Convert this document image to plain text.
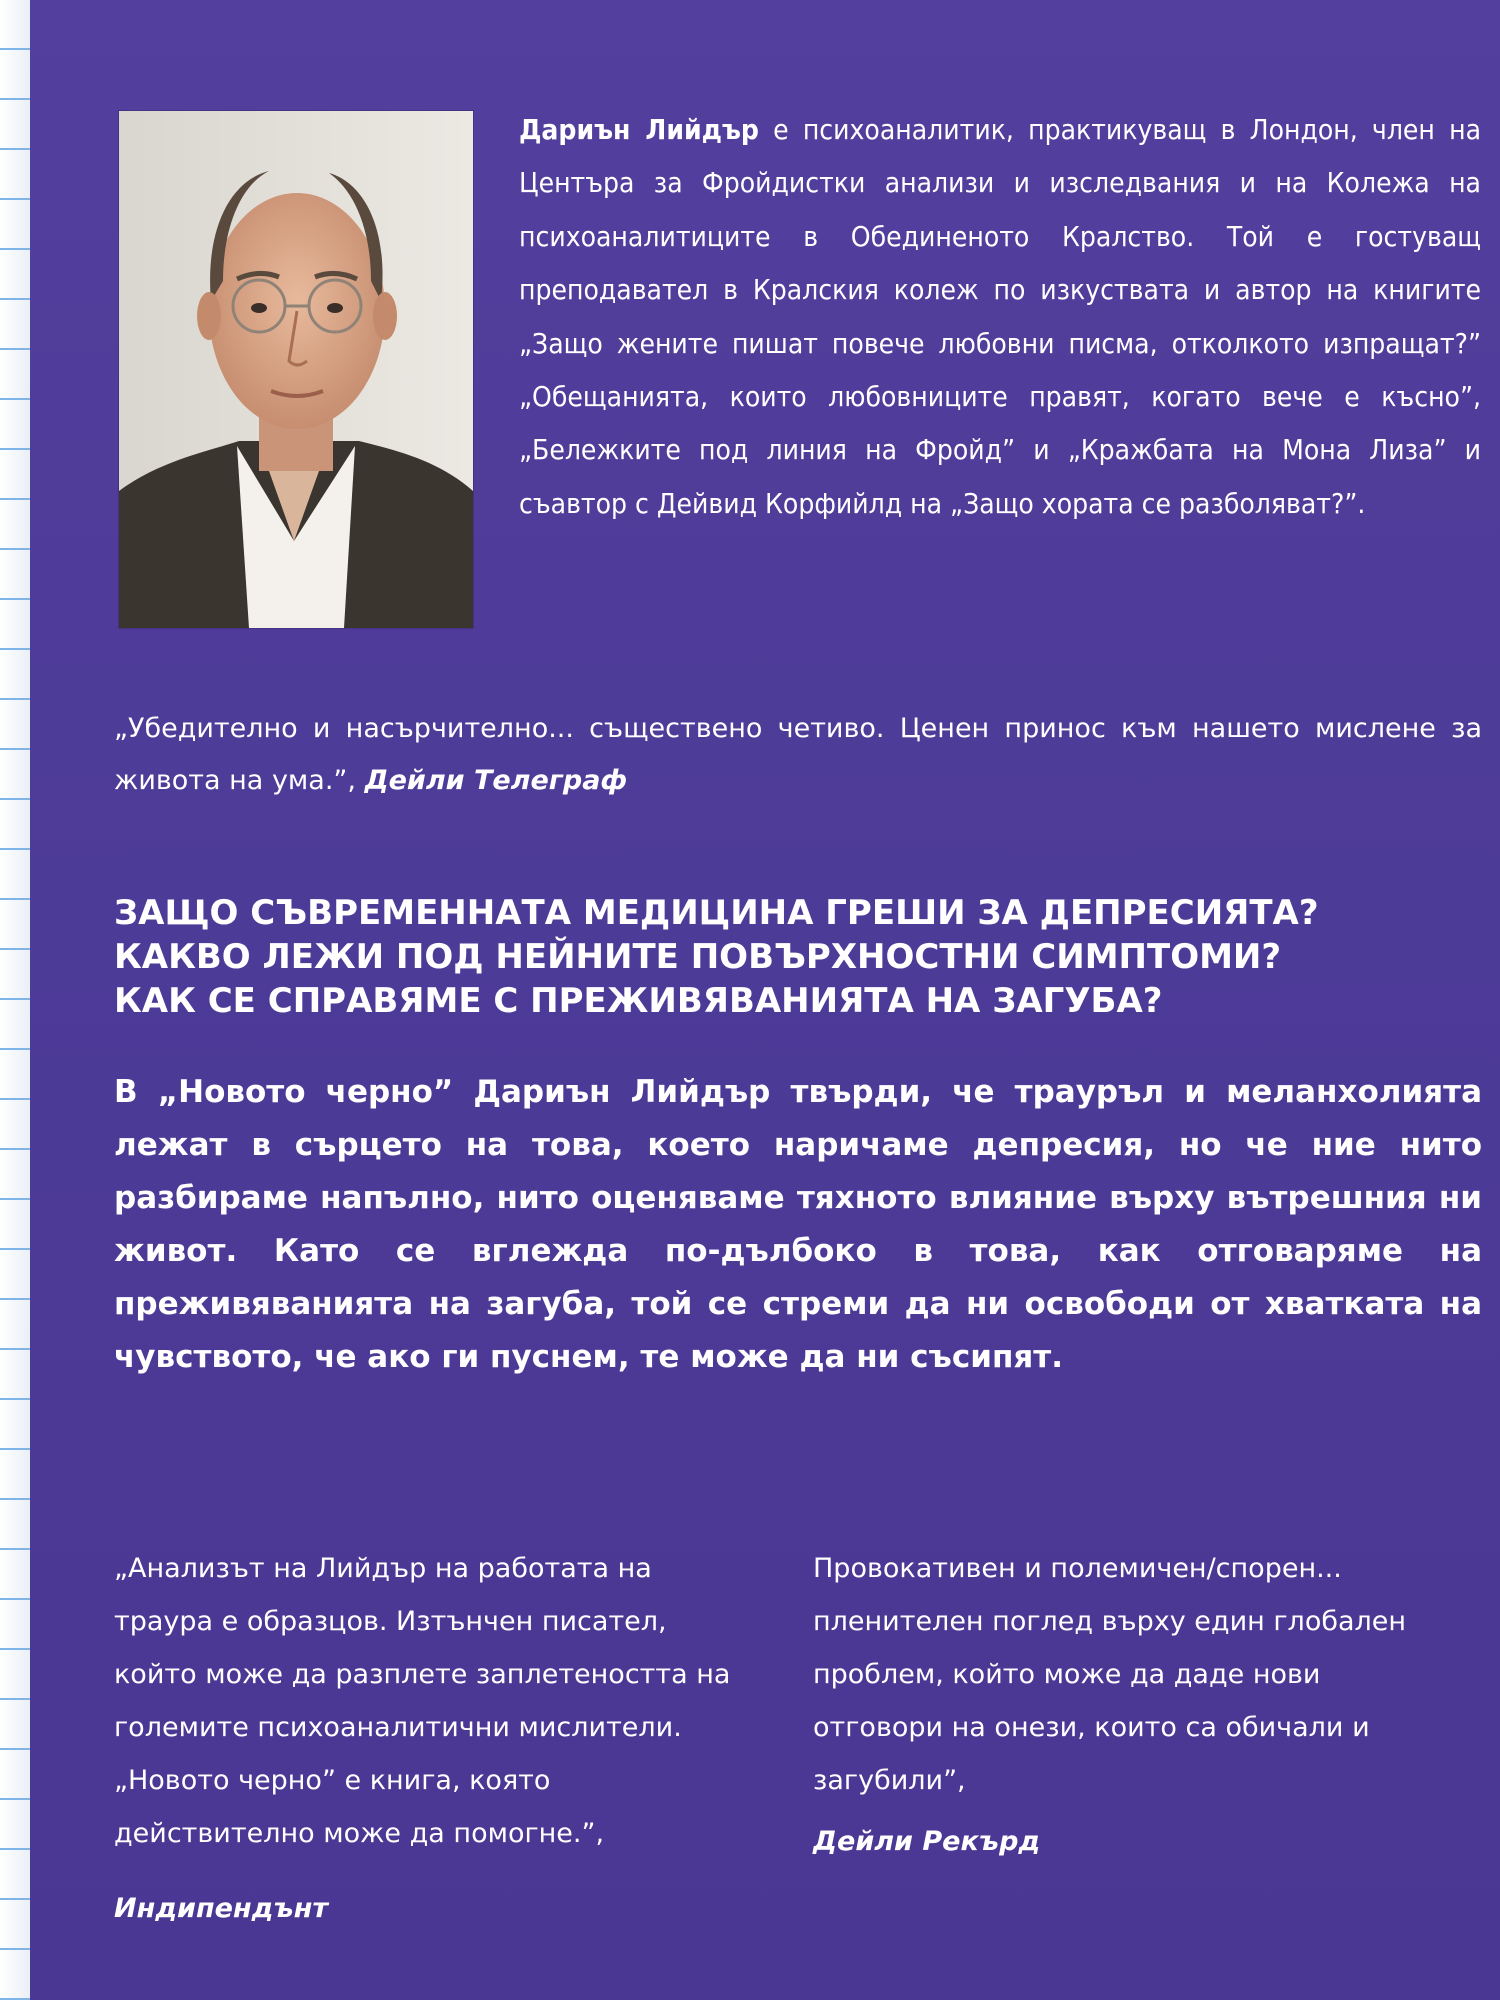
Дариън Лийдър е психоаналитик, практикуващ в Лондон, член на Центъра за Фройдистки анализи и изследвания и на Колежа на психоаналитиците в Обединеното Кралство. Той е гостуващ преподавател в Кралския колеж по изкуствата и автор на книгите „Защо жените пишат повече любовни писма, отколкото изпращат?” „Обещанията, които любовниците правят, когато вече е късно”, „Бележките под линия на Фройд” и „Кражбата на Мона Лиза” и съавтор с Дейвид Корфийлд на „Защо хората се разболяват?”.
„Убедително и насърчително... съществено четиво. Ценен принос към нашето мислене за живота на ума.”, Дейли Телеграф
ЗАЩО СЪВРЕМЕННАТА МЕДИЦИНА ГРЕШИ ЗА ДЕПРЕСИЯТА?
КАКВО ЛЕЖИ ПОД НЕЙНИТЕ ПОВЪРХНОСТНИ СИМПТОМИ?
КАК СЕ СПРАВЯМЕ С ПРЕЖИВЯВАНИЯТА НА ЗАГУБА?
В „Новото черно” Дариън Лийдър твърди, че трауръл и меланхолията лежат в сърцето на това, което наричаме депресия, но че ние нито разбираме напълно, нито оценяваме тяхното влияние върху вътрешния ни живот. Като се вглежда по-дълбоко в това, как отговаряме на преживяванията на загуба, той се стреми да ни освободи от хватката на чувството, че ако ги пуснем, те може да ни съсипят.

„Анализът на Лийдър на работата на траура е образцов. Изтънчен писател, който може да разплете заплетеността на големите психоаналитични мислители. „Новото черно” е книга, която действително може да помогне.”,

Индипендънт

Провокативен и полемичен/спорен... пленителен поглед върху един глобален проблем, който може да даде нови отговори на онези, които са обичали и загубили”,

Дейли Рекърд
